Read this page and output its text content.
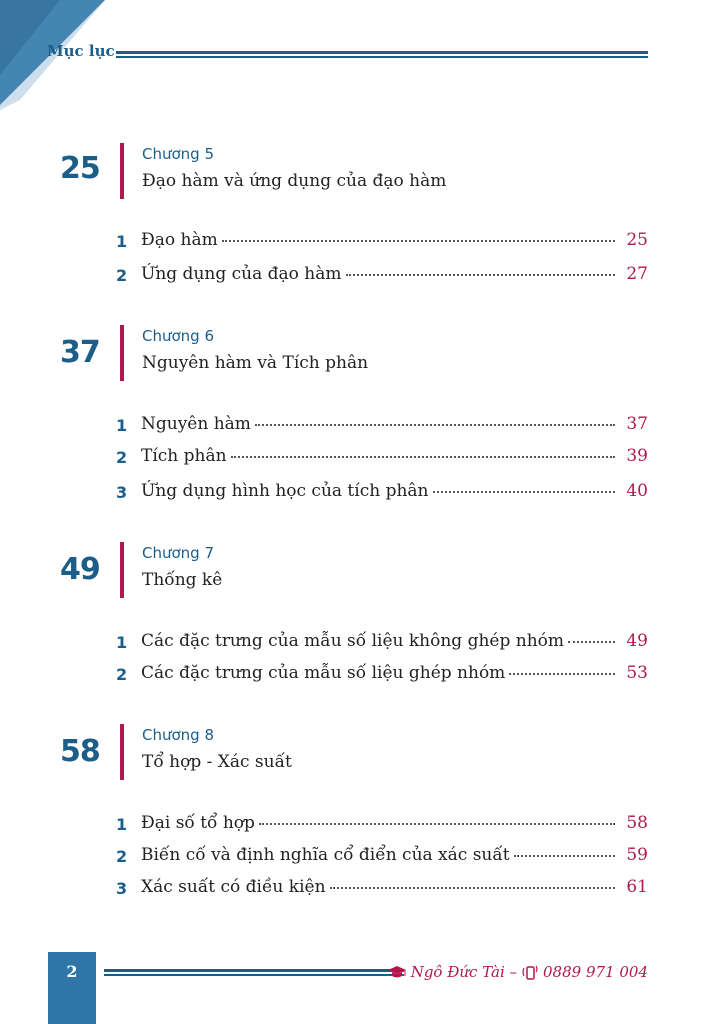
Mục lục
25	Chương 5
Đạo hàm và ứng dụng của đạo hàm
1 Đạo hàm	25
2 Ứng dụng của đạo hàm	27
37	Chương 6
Nguyên hàm và Tích phân
1 Nguyên hàm	37
2 Tích phân	39
3 Ứng dụng hình học của tích phân	40
49	Chương 7
Thống kê
1 Các đặc trưng của mẫu số liệu không ghép nhóm	49
2 Các đặc trưng của mẫu số liệu ghép nhóm	53
58	Chương 8
Tổ hợp - Xác suất
1 Đại số tổ hợp	58
2 Biến cố và định nghĩa cổ điển của xác suất	59
3 Xác suất có điều kiện	61
2	Ngô Đức Tài – 0889 971 004
